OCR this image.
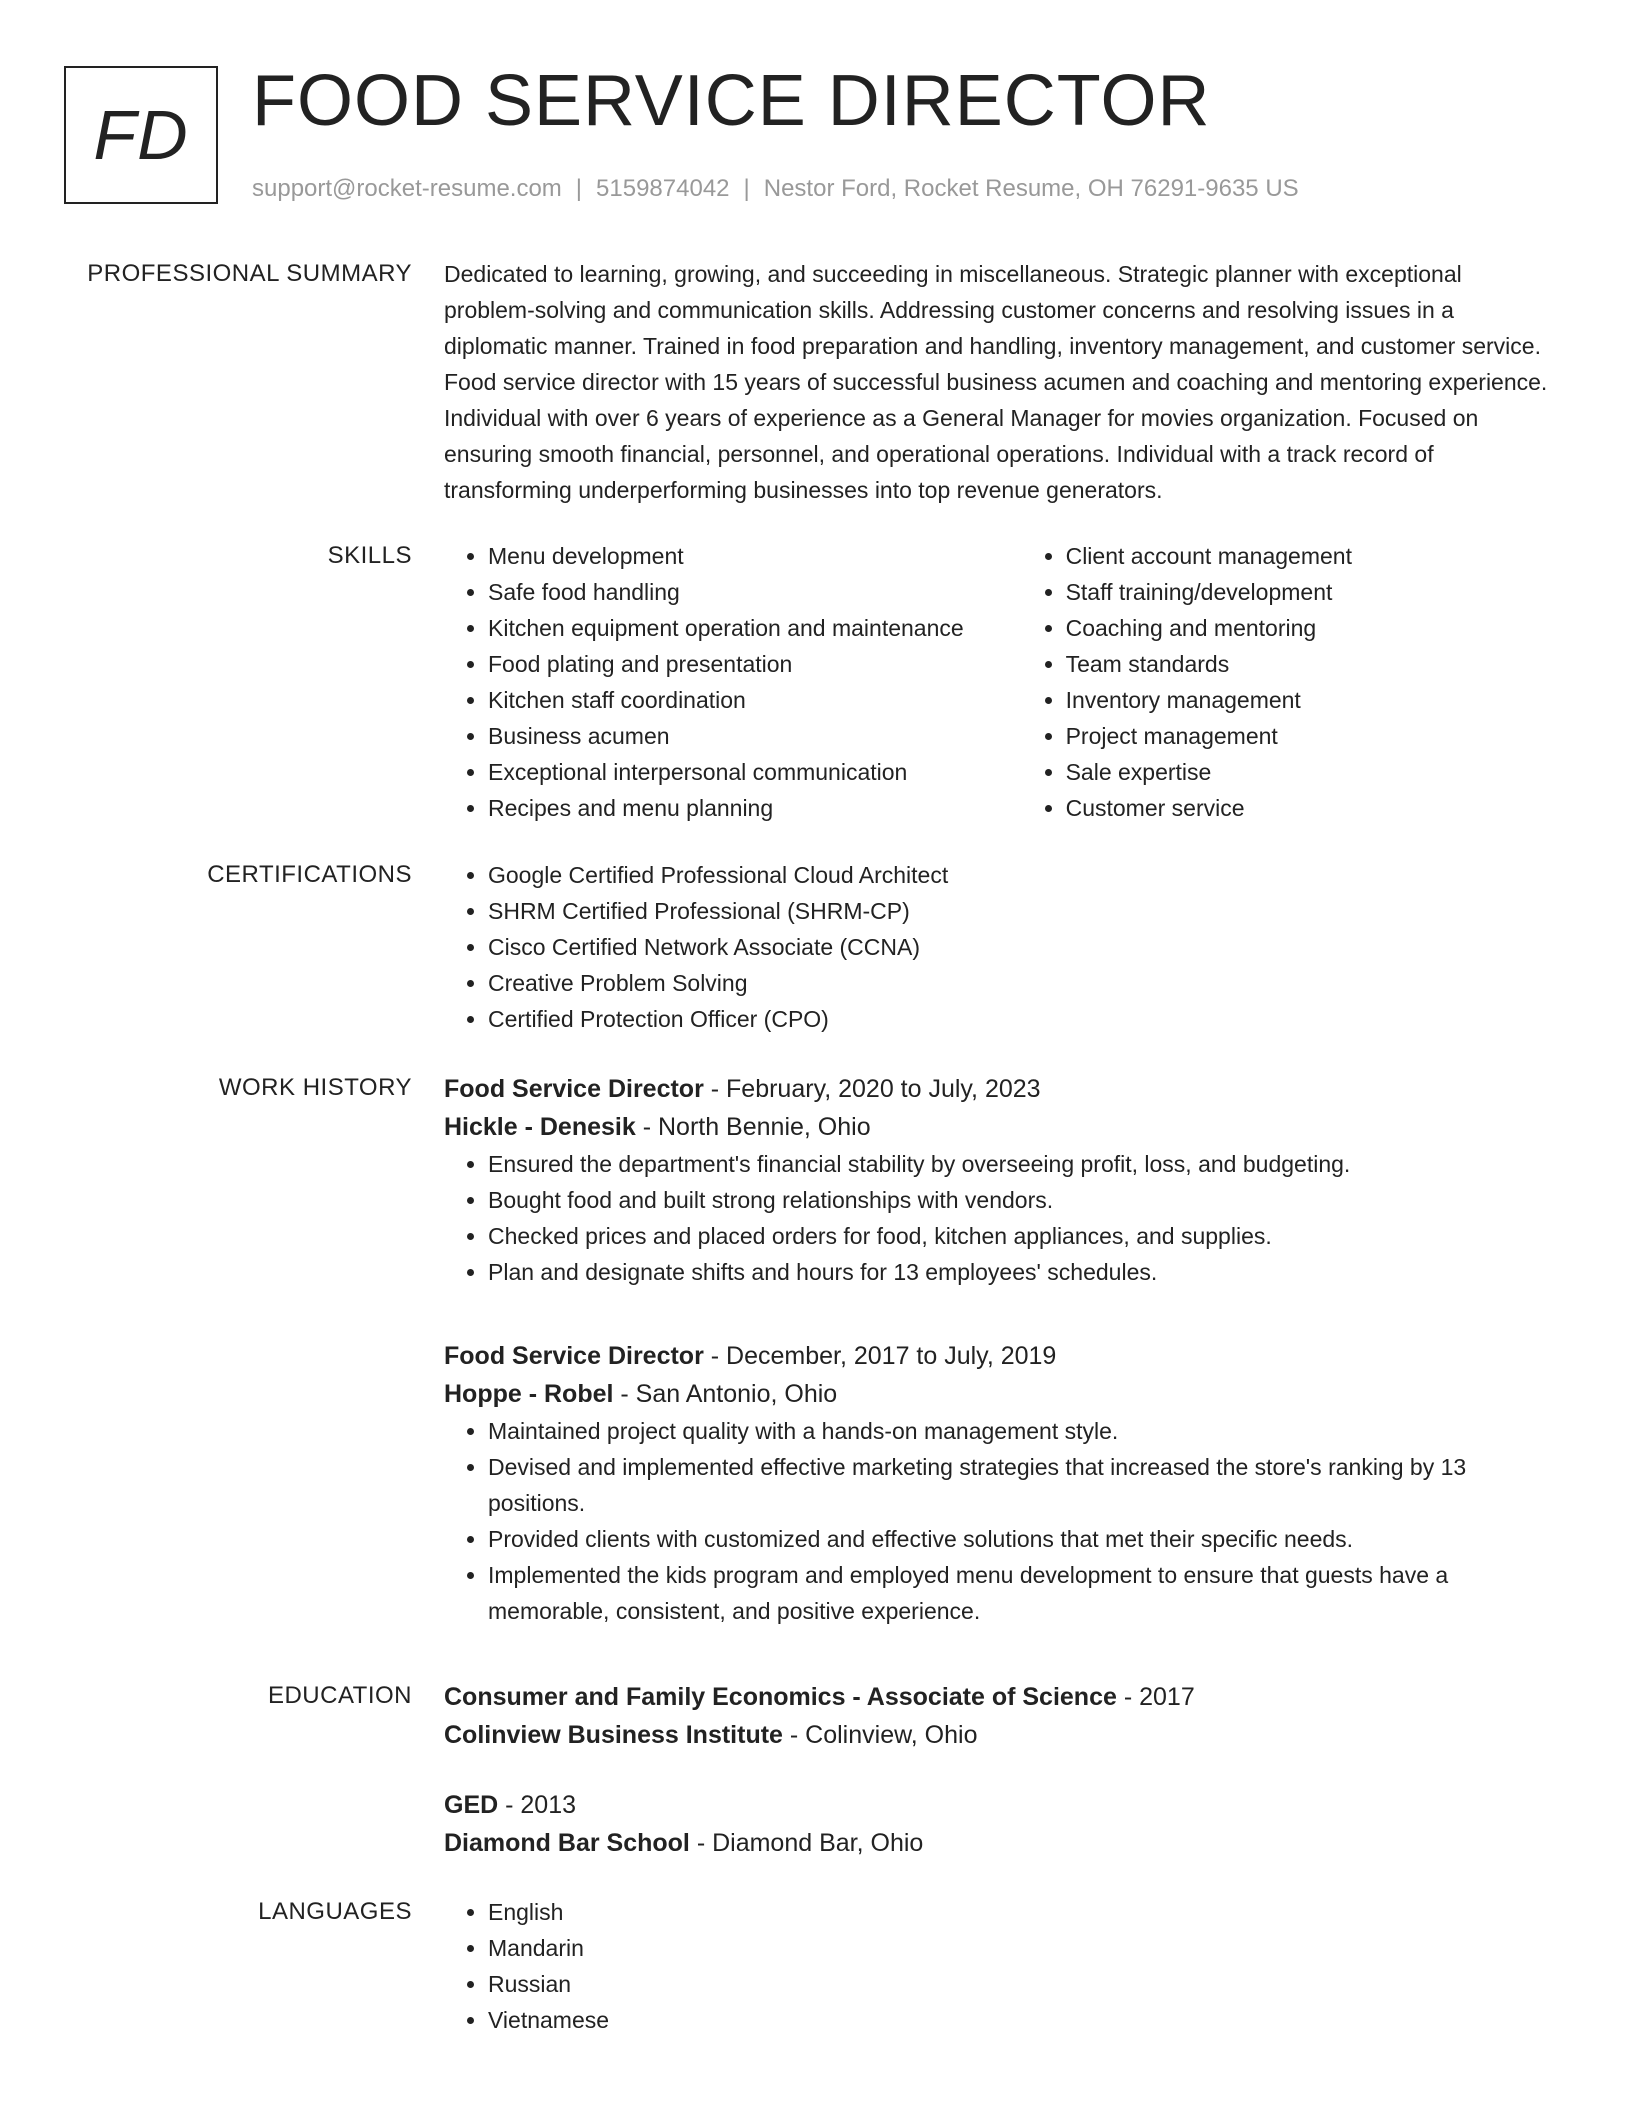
FD FOOD SERVICE DIRECTOR
support@rocket-resume.com | 5159874042 | Nestor Ford, Rocket Resume, OH 76291-9635 US
PROFESSIONAL SUMMARY Dedicated to learning, growing, and succeeding in miscellaneous. Strategic planner with exceptional problem-solving and communication skills. Addressing customer concerns and resolving issues in a diplomatic manner. Trained in food preparation and handling, inventory management, and customer service. Food service director with 15 years of successful business acumen and coaching and mentoring experience. Individual with over 6 years of experience as a General Manager for movies organization. Focused on ensuring smooth financial, personnel, and operational operations. Individual with a track record of transforming underperforming businesses into top revenue generators.

SKILLS	• Menu development
• Safe food handling
• Kitchen equipment operation and maintenance
• Food plating and presentation
• Kitchen staff coordination
• Business acumen
• Exceptional interpersonal communication
• Recipes and menu planning
• Client account management
• Staff training/development
• Coaching and mentoring
• Team standards
• Inventory management
• Project management
• Sale expertise
• Customer service
CERTIFICATIONS	• Google Certified Professional Cloud Architect
• SHRM Certified Professional (SHRM-CP)
• Cisco Certified Network Associate (CCNA)
• Creative Problem Solving
• Certified Protection Officer (CPO)
WORK HISTORY Food Service Director - February, 2020 to July, 2023
Hickle - Denesik - North Bennie, Ohio
• Ensured the department's financial stability by overseeing profit, loss, and budgeting.
• Bought food and built strong relationships with vendors.
• Checked prices and placed orders for food, kitchen appliances, and supplies.
• Plan and designate shifts and hours for 13 employees' schedules.
Food Service Director - December, 2017 to July, 2019
Hoppe - Robel - San Antonio, Ohio
• Maintained project quality with a hands-on management style.
• Devised and implemented effective marketing strategies that increased the store's ranking by 13 positions.
• Provided clients with customized and effective solutions that met their specific needs.
• Implemented the kids program and employed menu development to ensure that guests have a memorable, consistent, and positive experience.
EDUCATION Consumer and Family Economics - Associate of Science - 2017
Colinview Business Institute - Colinview, Ohio
GED - 2013
Diamond Bar School - Diamond Bar, Ohio
LANGUAGES	• English
• Mandarin
• Russian
• Vietnamese
